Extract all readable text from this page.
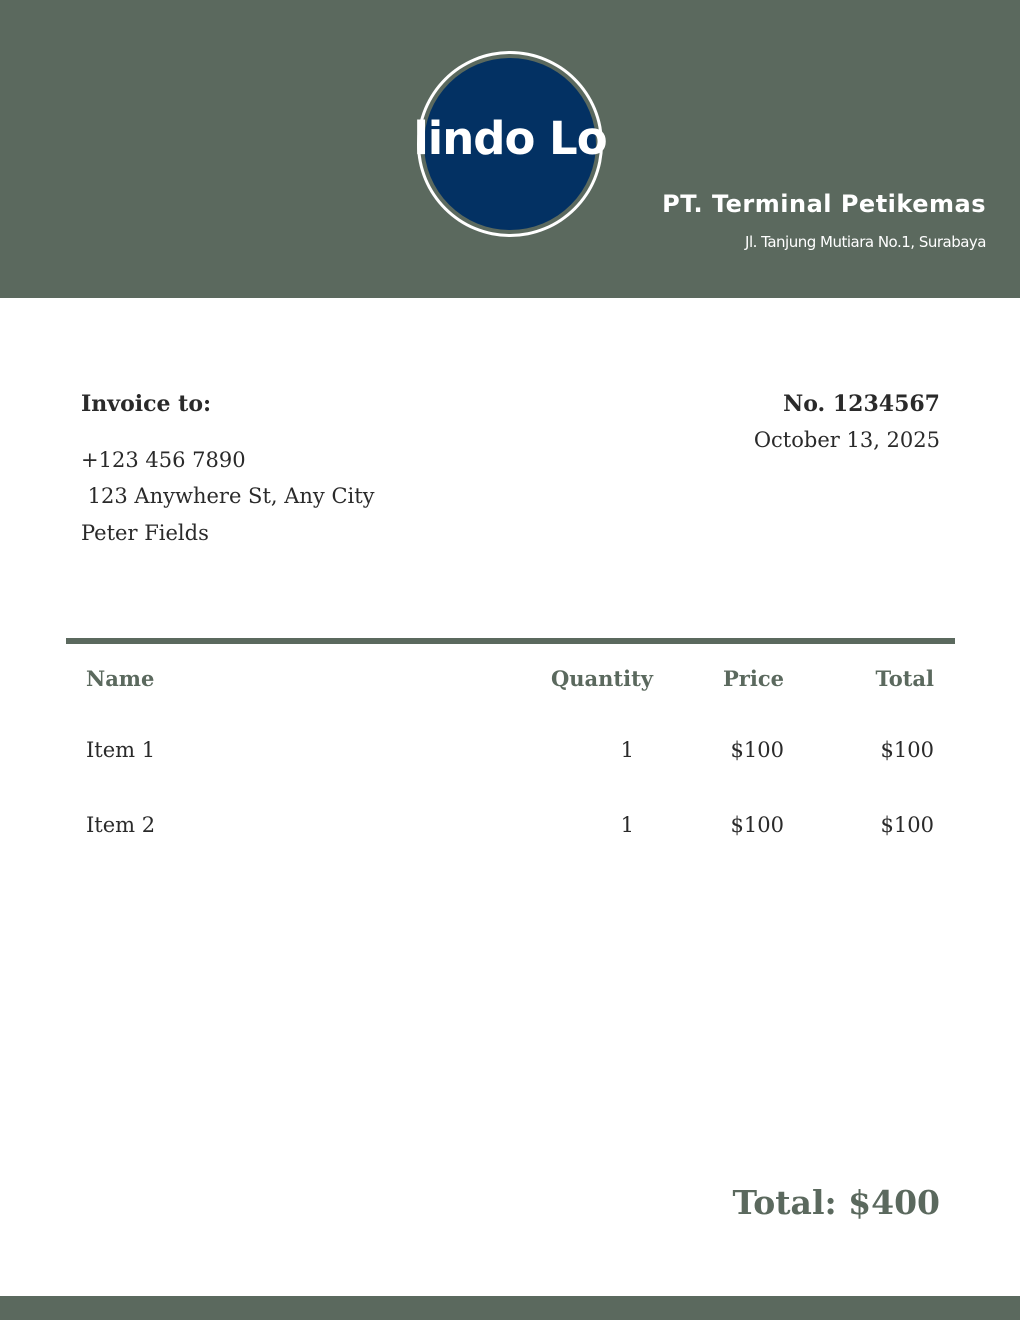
lindo Lo
PT. Terminal Petikemas
Jl. Tanjung Mutiara No.1, Surabaya
Invoice to:
+123 456 7890
123 Anywhere St, Any City
Peter Fields
No. 1234567
October 13, 2025
Name	Quantity	Price	Total
Item 1	1	$100	$100
Item 2	1	$100	$100
Total: $400
